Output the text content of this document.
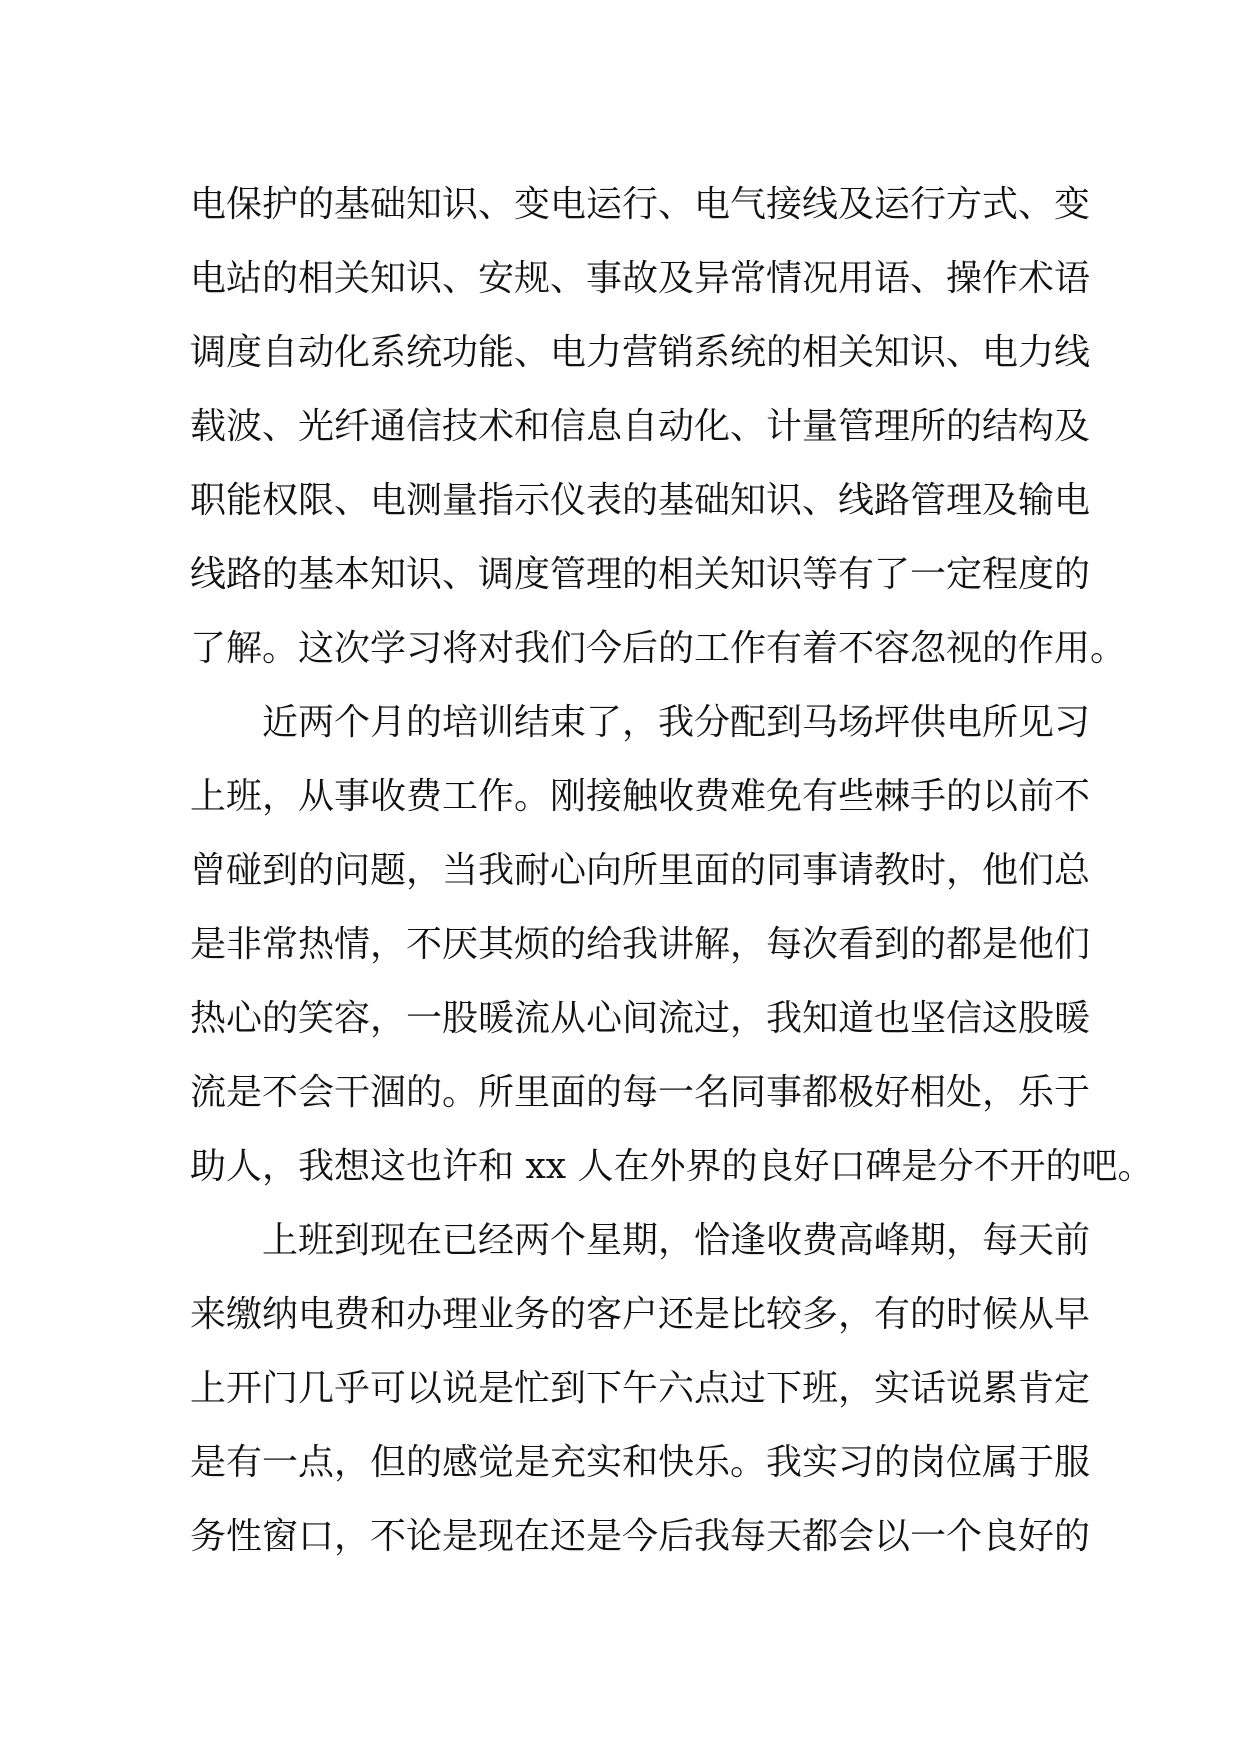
电保护的基础知识、变电运行、电气接线及运行方式、变
电站的相关知识、安规、事故及异常情况用语、操作术语
调度自动化系统功能、电力营销系统的相关知识、电力线
载波、光纤通信技术和信息自动化、计量管理所的结构及
职能权限、电测量指示仪表的基础知识、线路管理及输电
线路的基本知识、调度管理的相关知识等有了一定程度的
了解。这次学习将对我们今后的工作有着不容忽视的作用。
近两个月的培训结束了，我分配到马场坪供电所见习
上班，从事收费工作。刚接触收费难免有些棘手的以前不
曾碰到的问题，当我耐心向所里面的同事请教时，他们总
是非常热情，不厌其烦的给我讲解，每次看到的都是他们
热心的笑容，一股暖流从心间流过，我知道也坚信这股暖
流是不会干涸的。所里面的每一名同事都极好相处，乐于
助人，我想这也许和 xx 人在外界的良好口碑是分不开的吧。
上班到现在已经两个星期，恰逢收费高峰期，每天前
来缴纳电费和办理业务的客户还是比较多，有的时候从早
上开门几乎可以说是忙到下午六点过下班，实话说累肯定
是有一点，但的感觉是充实和快乐。我实习的岗位属于服
务性窗口，不论是现在还是今后我每天都会以一个良好的
